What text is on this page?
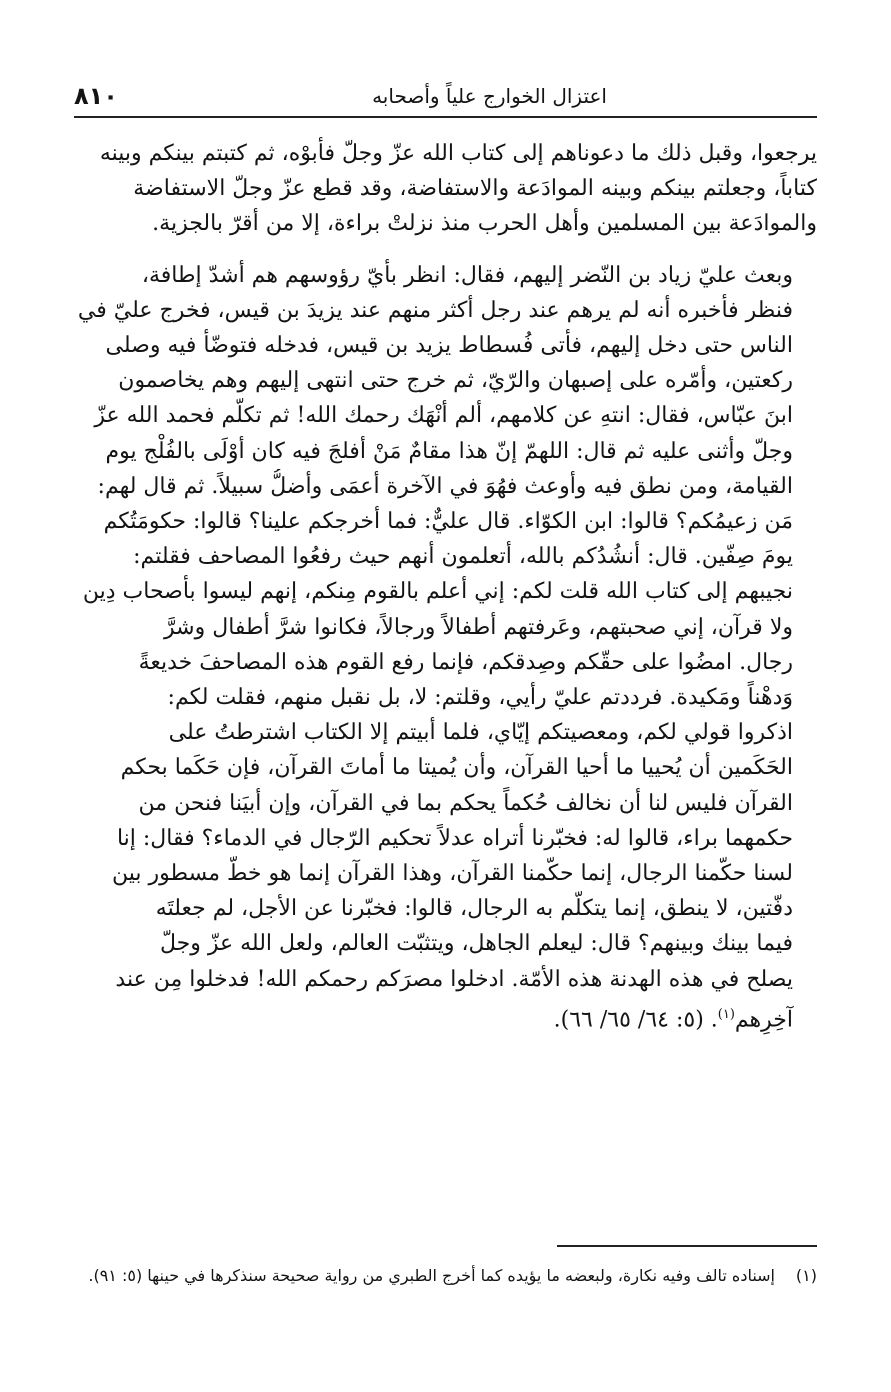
اعتزال الخوارج علياً وأصحابه
٨١٠
يرجعوا، وقبل ذلك ما دعوناهم إلى كتاب الله عزّ وجلّ فأبوْه، ثم كتبتم بينكم وبينه
كتاباً، وجعلتم بينكم وبينه الموادَعة والاستفاضة، وقد قطع عزّ وجلّ الاستفاضة
والموادَعة بين المسلمين وأهل الحرب منذ نزلتْ براءة، إلا من أقرّ بالجزية.
وبعث عليّ زياد بن النّضر إليهم، فقال: انظر بأيّ رؤوسهم هم أشدّ إطافة،
فنظر فأخبره أنه لم يرهم عند رجل أكثر منهم عند يزيدَ بن قيس، فخرج عليّ في
الناس حتى دخل إليهم، فأتى فُسطاط يزيد بن قيس، فدخله فتوضّأ فيه وصلى
ركعتين، وأمّره على إصبهان والرّيّ، ثم خرج حتى انتهى إليهم وهم يخاصمون
ابنَ عبّاس، فقال: انتهِ عن كلامهم، ألم أنْهَك رحمك الله! ثم تكلّم فحمد الله عزّ
وجلّ وأثنى عليه ثم قال: اللهمّ إنّ هذا مقامٌ مَنْ أفلجَ فيه كان أوْلَى بالفُلْج يوم
القيامة، ومن نطق فيه وأوعث فهُوَ في الآخرة أعمَى وأضلُّ سبيلاً. ثم قال لهم:
مَن زعيمُكم؟ قالوا: ابن الكوّاء. قال عليٌّ: فما أخرجكم علينا؟ قالوا: حكومَتُكم
يومَ صِفّين. قال: أنشُدُكم بالله، أتعلمون أنهم حيث رفعُوا المصاحف فقلتم:
نجيبهم إلى كتاب الله قلت لكم: إني أعلم بالقوم مِنكم، إنهم ليسوا بأصحاب دِين
ولا قرآن، إني صحبتهم، وعَرفتهم أطفالاً ورجالاً، فكانوا شرَّ أطفال وشرَّ
رجال. امضُوا على حقّكم وصِدقكم، فإنما رفع القوم هذه المصاحفَ خديعةً
وَدهْناً ومَكيدة. فرددتم عليّ رأيي، وقلتم: لا، بل نقبل منهم، فقلت لكم:
اذكروا قولي لكم، ومعصيتكم إيّاي، فلما أبيتم إلا الكتاب اشترطتُ على
الحَكَمين أن يُحييا ما أحيا القرآن، وأن يُميتا ما أماتَ القرآن، فإن حَكَما بحكم
القرآن فليس لنا أن نخالف حُكماً يحكم بما في القرآن، وإن أبيَنا فنحن من
حكمهما براء، قالوا له: فخبّرنا أتراه عدلاً تحكيم الرّجال في الدماء؟ فقال: إنا
لسنا حكّمنا الرجال، إنما حكّمنا القرآن، وهذا القرآن إنما هو خطّ مسطور بين
دفّتين، لا ينطق، إنما يتكلّم به الرجال، قالوا: فخبّرنا عن الأجل، لم جعلتَه
فيما بينك وبينهم؟ قال: ليعلم الجاهل، ويتثبّت العالم، ولعل الله عزّ وجلّ
يصلح في هذه الهدنة هذه الأمّة. ادخلوا مصرَكم رحمكم الله! فدخلوا مِن عند
آخِرِهم$^{(١)}$. (٥: ٦٤/ ٦٥/ ٦٦).
(١)
إسناده تالف وفيه نكارة، ولبعضه ما يؤيده كما أخرج الطبري من رواية صحيحة سنذكرها في حينها (٥: ٩١).
